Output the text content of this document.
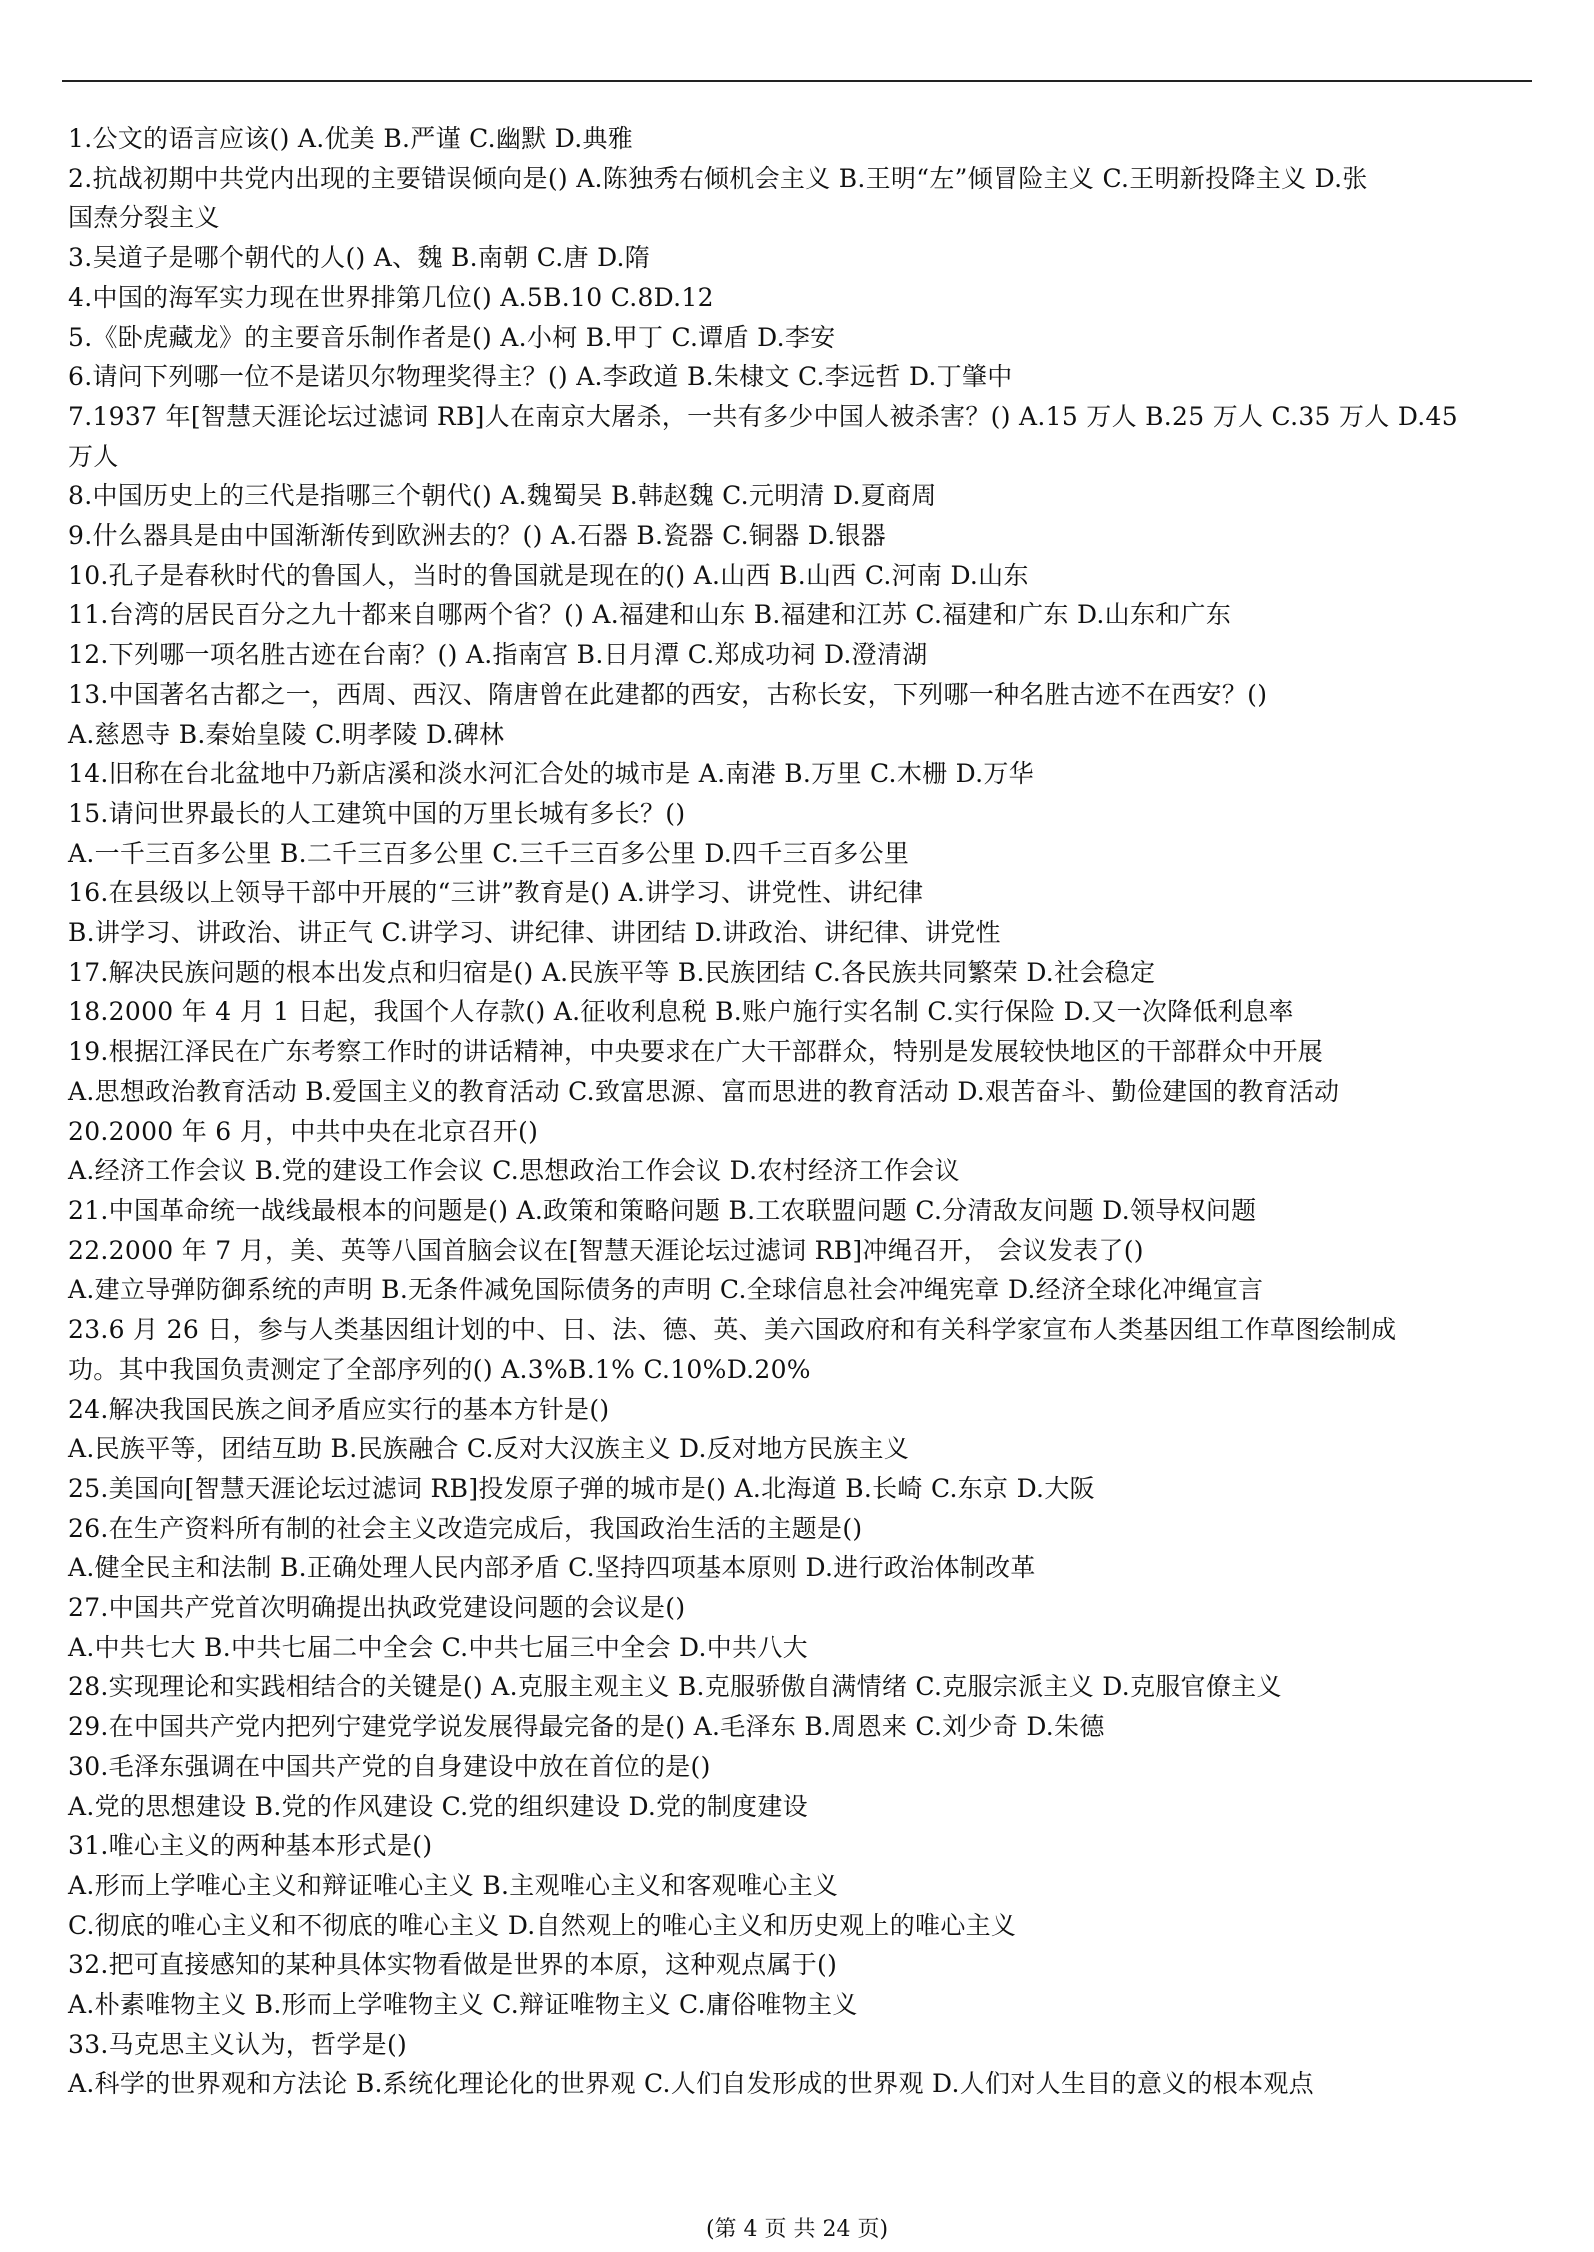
1.公文的语言应该() A.优美 B.严谨 C.幽默 D.典雅
2.抗战初期中共党内出现的主要错误倾向是() A.陈独秀右倾机会主义 B.王明“左”倾冒险主义 C.王明新投降主义 D.张
国焘分裂主义
3.吴道子是哪个朝代的人() A、魏 B.南朝 C.唐 D.隋
4.中国的海军实力现在世界排第几位() A.5B.10 C.8D.12
5.《卧虎藏龙》的主要音乐制作者是() A.小柯 B.甲丁 C.谭盾 D.李安
6.请问下列哪一位不是诺贝尔物理奖得主？() A.李政道 B.朱棣文 C.李远哲 D.丁肇中
7.1937 年[智慧天涯论坛过滤词 RB]人在南京大屠杀，一共有多少中国人被杀害？() A.15 万人 B.25 万人 C.35 万人 D.45
万人
8.中国历史上的三代是指哪三个朝代() A.魏蜀吴 B.韩赵魏 C.元明清 D.夏商周
9.什么器具是由中国渐渐传到欧洲去的？() A.石器 B.瓷器 C.铜器 D.银器
10.孔子是春秋时代的鲁国人，当时的鲁国就是现在的() A.山西 B.山西 C.河南 D.山东
11.台湾的居民百分之九十都来自哪两个省？() A.福建和山东 B.福建和江苏 C.福建和广东 D.山东和广东
12.下列哪一项名胜古迹在台南？() A.指南宫 B.日月潭 C.郑成功祠 D.澄清湖
13.中国著名古都之一，西周、西汉、隋唐曾在此建都的西安，古称长安，下列哪一种名胜古迹不在西安？()
A.慈恩寺 B.秦始皇陵 C.明孝陵 D.碑林
14.旧称在台北盆地中乃新店溪和淡水河汇合处的城市是 A.南港 B.万里 C.木栅 D.万华
15.请问世界最长的人工建筑中国的万里长城有多长？()
A.一千三百多公里 B.二千三百多公里 C.三千三百多公里 D.四千三百多公里
16.在县级以上领导干部中开展的“三讲”教育是() A.讲学习、讲党性、讲纪律
B.讲学习、讲政治、讲正气 C.讲学习、讲纪律、讲团结 D.讲政治、讲纪律、讲党性
17.解决民族问题的根本出发点和归宿是() A.民族平等 B.民族团结 C.各民族共同繁荣 D.社会稳定
18.2000 年 4 月 1 日起，我国个人存款() A.征收利息税 B.账户施行实名制 C.实行保险 D.又一次降低利息率
19.根据江泽民在广东考察工作时的讲话精神，中央要求在广大干部群众，特别是发展较快地区的干部群众中开展
A.思想政治教育活动 B.爱国主义的教育活动 C.致富思源、富而思进的教育活动 D.艰苦奋斗、勤俭建国的教育活动
20.2000 年 6 月，中共中央在北京召开()
A.经济工作会议 B.党的建设工作会议 C.思想政治工作会议 D.农村经济工作会议
21.中国革命统一战线最根本的问题是() A.政策和策略问题 B.工农联盟问题 C.分清敌友问题 D.领导权问题
22.2000 年 7 月，美、英等八国首脑会议在[智慧天涯论坛过滤词 RB]冲绳召开， 会议发表了()
A.建立导弹防御系统的声明 B.无条件减免国际债务的声明 C.全球信息社会冲绳宪章 D.经济全球化冲绳宣言
23.6 月 26 日，参与人类基因组计划的中、日、法、德、英、美六国政府和有关科学家宣布人类基因组工作草图绘制成
功。其中我国负责测定了全部序列的() A.3%B.1% C.10%D.20%
24.解决我国民族之间矛盾应实行的基本方针是()
A.民族平等，团结互助 B.民族融合 C.反对大汉族主义 D.反对地方民族主义
25.美国向[智慧天涯论坛过滤词 RB]投发原子弹的城市是() A.北海道 B.长崎 C.东京 D.大阪
26.在生产资料所有制的社会主义改造完成后，我国政治生活的主题是()
A.健全民主和法制 B.正确处理人民内部矛盾 C.坚持四项基本原则 D.进行政治体制改革
27.中国共产党首次明确提出执政党建设问题的会议是()
A.中共七大 B.中共七届二中全会 C.中共七届三中全会 D.中共八大
28.实现理论和实践相结合的关键是() A.克服主观主义 B.克服骄傲自满情绪 C.克服宗派主义 D.克服官僚主义
29.在中国共产党内把列宁建党学说发展得最完备的是() A.毛泽东 B.周恩来 C.刘少奇 D.朱德
30.毛泽东强调在中国共产党的自身建设中放在首位的是()
A.党的思想建设 B.党的作风建设 C.党的组织建设 D.党的制度建设
31.唯心主义的两种基本形式是()
A.形而上学唯心主义和辩证唯心主义 B.主观唯心主义和客观唯心主义
C.彻底的唯心主义和不彻底的唯心主义 D.自然观上的唯心主义和历史观上的唯心主义
32.把可直接感知的某种具体实物看做是世界的本原，这种观点属于()
A.朴素唯物主义 B.形而上学唯物主义 C.辩证唯物主义 C.庸俗唯物主义
33.马克思主义认为，哲学是()
A.科学的世界观和方法论 B.系统化理论化的世界观 C.人们自发形成的世界观 D.人们对人生目的意义的根本观点
(第 4 页 共 24 页)
